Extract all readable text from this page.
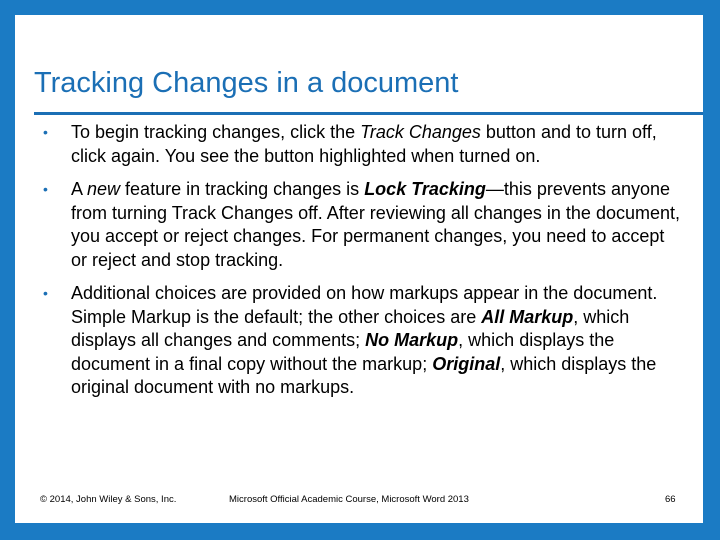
Tracking Changes in a document
• To begin tracking changes, click the Track Changes button and to turn off, click again. You see the button highlighted when turned on.
• A new feature in tracking changes is Lock Tracking—this prevents anyone from turning Track Changes off. After reviewing all changes in the document, you accept or reject changes. For permanent changes, you need to accept or reject and stop tracking.
• Additional choices are provided on how markups appear in the document. Simple Markup is the default; the other choices are All Markup, which displays all changes and comments; No Markup, which displays the document in a final copy without the markup; Original, which displays the original document with no markups.
© 2014, John Wiley & Sons, Inc.	Microsoft Official Academic Course, Microsoft Word 2013	66
